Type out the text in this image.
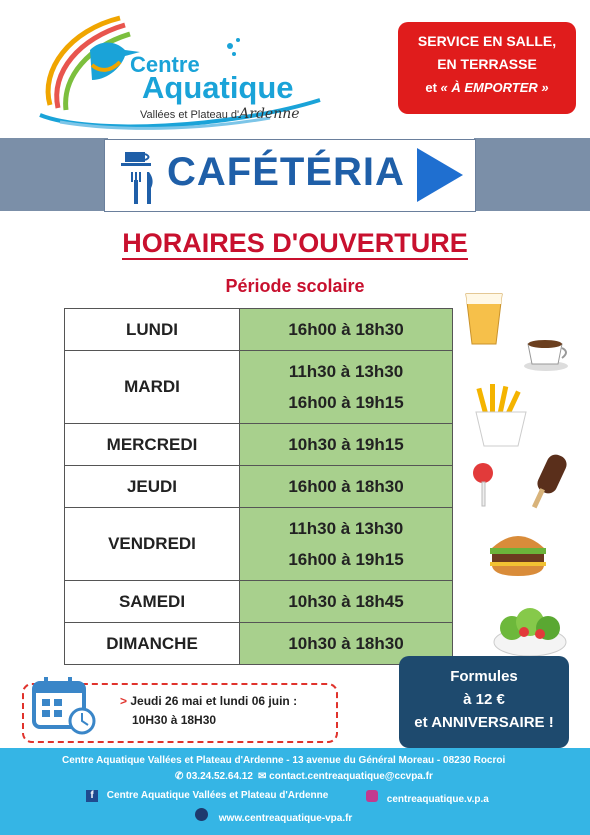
Centre
Aquatique
Vallées et Plateau d'Ardenne
SERVICE EN SALLE,
EN TERRASSE
et « À EMPORTER »
CAFÉTÉRIA
HORAIRES D'OUVERTURE
Période scolaire
LUNDI	16h00 à 18h30

MARDI	11h30 à 13h30
16h00 à 19h15

MERCREDI	10h30 à 19h15

JEUDI	16h00 à 18h30

VENDREDI	11h30 à 13h30
16h00 à 19h15

SAMEDI	10h30 à 18h45

DIMANCHE	10h30 à 18h30
> Jeudi 26 mai et lundi 06 juin :
10H30 à 18H30
Formules
à 12 €
et ANNIVERSAIRE !
Centre Aquatique Vallées et Plateau d'Ardenne - 13 avenue du Général Moreau - 08230 Rocroi
✆ 03.24.52.64.12 ✉ contact.centreaquatique@ccvpa.fr
f Centre Aquatique Vallées et Plateau d'Ardenne	centreaquatique.v.p.a
www.centreaquatique-vpa.fr
